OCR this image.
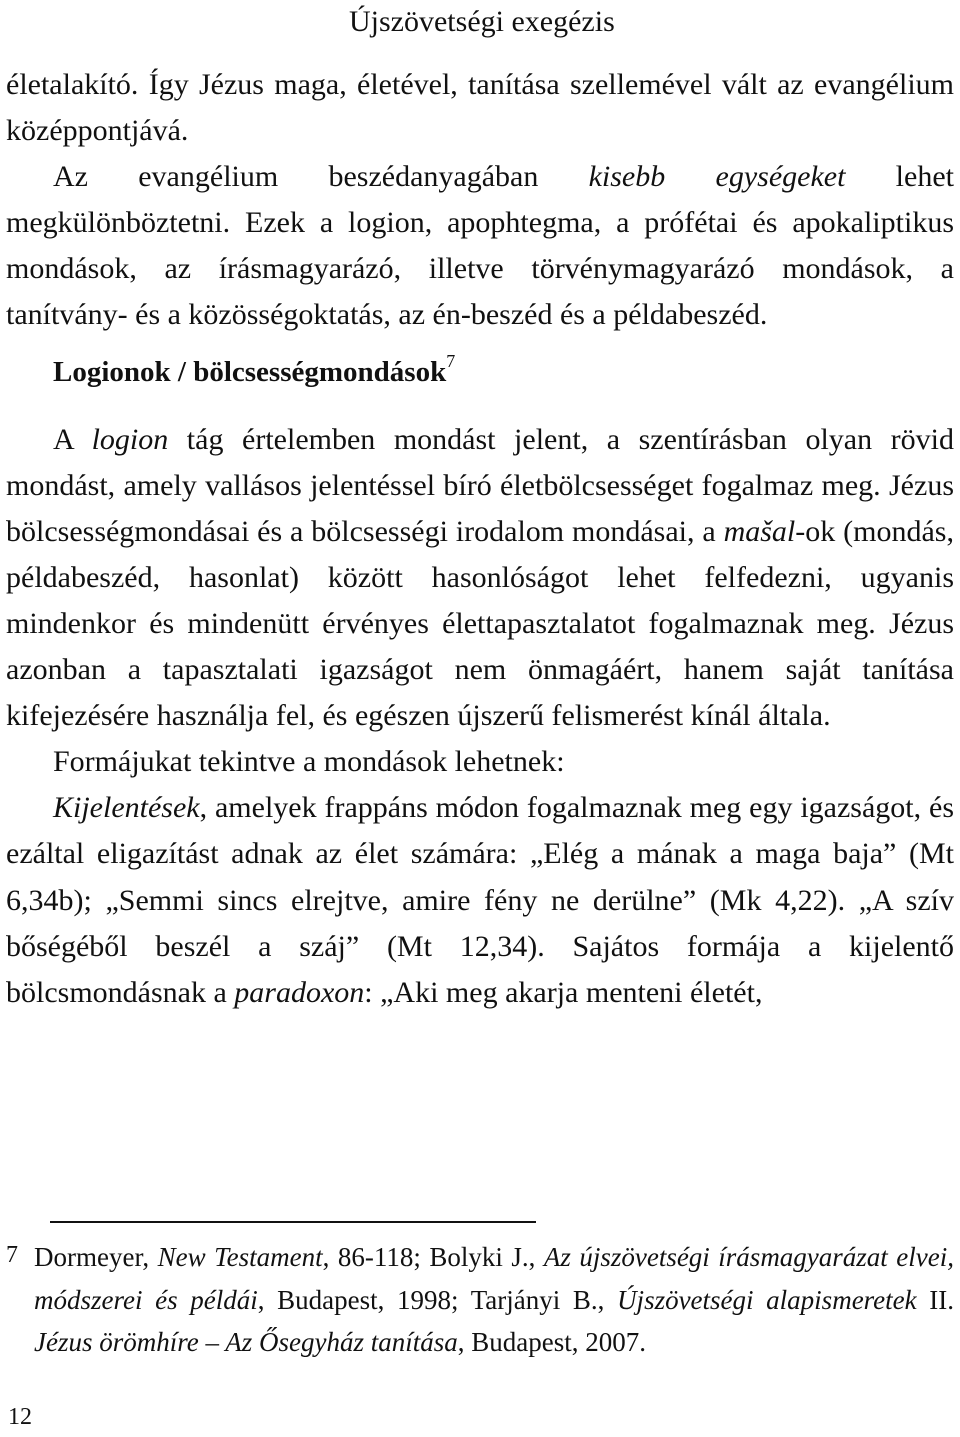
Újszövetségi exegézis

életalakító. Így Jézus maga, életével, tanítása szellemével vált az evangélium középpontjává.

Az evangélium beszédanyagában kisebb egységeket lehet megkülönböztetni. Ezek a logion, apophtegma, a prófétai és apokaliptikus mondások, az írásmagyarázó, illetve törvénymagyarázó mondások, a tanítvány- és a közösségoktatás, az én-beszéd és a példabeszéd.

Logionok / bölcsességmondások$^7$

A logion tág értelemben mondást jelent, a szentírásban olyan rövid mondást, amely vallásos jelentéssel bíró életbölcsességet fogalmaz meg. Jézus bölcsességmondásai és a bölcsességi irodalom mondásai, a mašal-ok (mondás, példabeszéd, hasonlat) között hasonlóságot lehet felfedezni, ugyanis mindenkor és mindenütt érvényes élettapasztalatot fogalmaznak meg. Jézus azonban a tapasztalati igazságot nem önmagáért, hanem saját tanítása kifejezésére használja fel, és egészen újszerű felismerést kínál általa.

Formájukat tekintve a mondások lehetnek:

Kijelentések, amelyek frappáns módon fogalmaznak meg egy igazságot, és ezáltal eligazítást adnak az élet számára: „Elég a mának a maga baja” (Mt 6,34b); „Semmi sincs elrejtve, amire fény ne derülne” (Mk 4,22). „A szív bőségéből beszél a száj” (Mt 12,34). Sajátos formája a kijelentő bölcsmondásnak a paradoxon: „Aki meg akarja menteni életét,

7 Dormeyer, New Testament, 86-118; Bolyki J., Az újszövetségi írásmagyarázat elvei, módszerei és példái, Budapest, 1998; Tarjányi B., Újszövetségi alapismeretek II. Jézus örömhíre – Az Ősegyház tanítása, Budapest, 2007.
12
